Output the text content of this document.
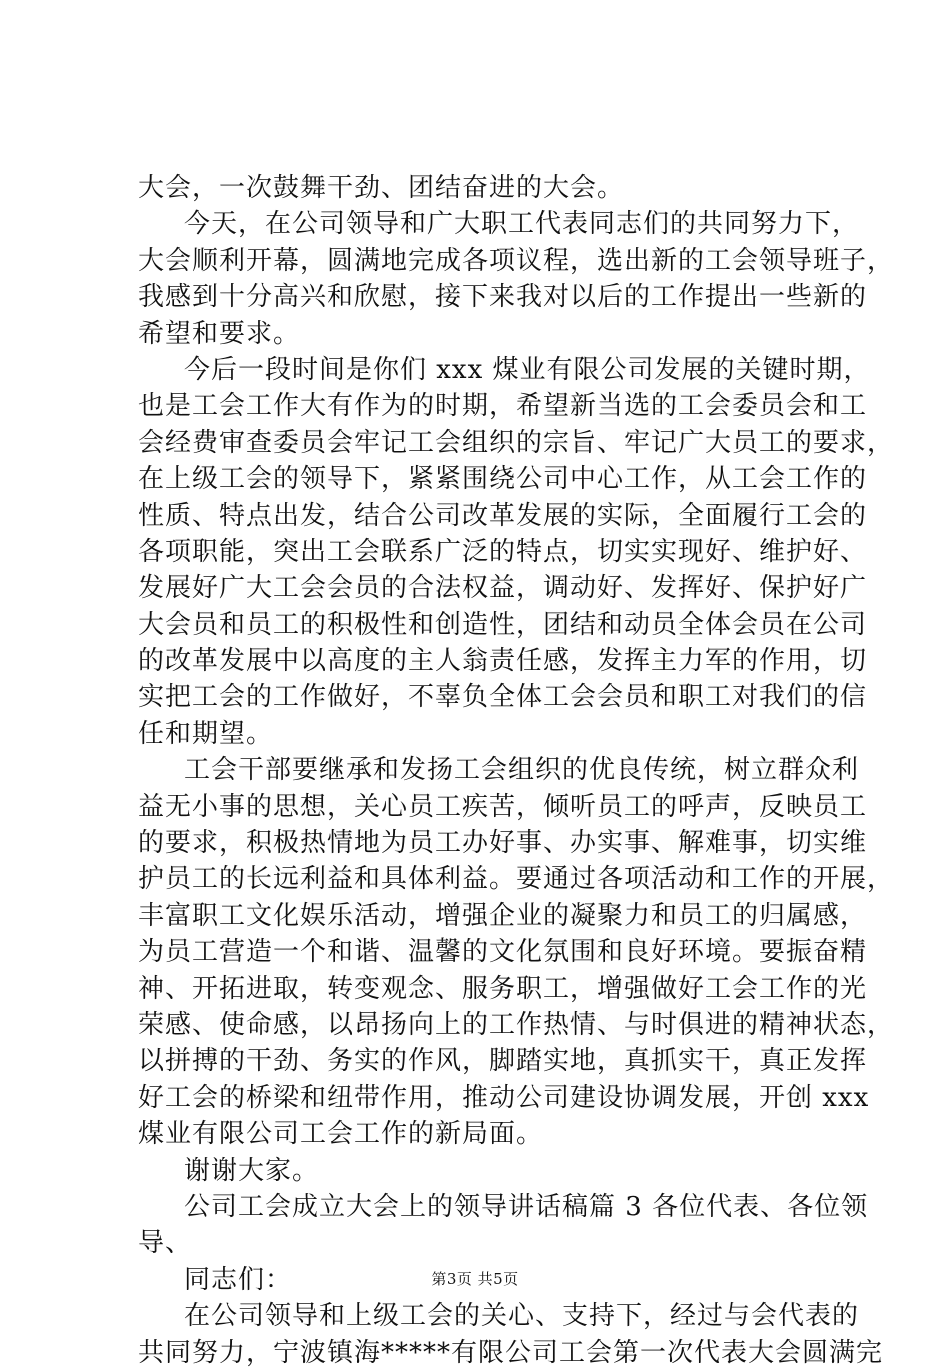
大会，一次鼓舞干劲、团结奋进的大会。
今天，在公司领导和广大职工代表同志们的共同努力下，
大会顺利开幕，圆满地完成各项议程，选出新的工会领导班子，
我感到十分高兴和欣慰，接下来我对以后的工作提出一些新的
希望和要求。
今后一段时间是你们 xxx 煤业有限公司发展的关键时期，
也是工会工作大有作为的时期，希望新当选的工会委员会和工
会经费审查委员会牢记工会组织的宗旨、牢记广大员工的要求，
在上级工会的领导下，紧紧围绕公司中心工作，从工会工作的
性质、特点出发，结合公司改革发展的实际，全面履行工会的
各项职能，突出工会联系广泛的特点，切实实现好、维护好、
发展好广大工会会员的合法权益，调动好、发挥好、保护好广
大会员和员工的积极性和创造性，团结和动员全体会员在公司
的改革发展中以高度的主人翁责任感，发挥主力军的作用，切
实把工会的工作做好，不辜负全体工会会员和职工对我们的信
任和期望。
工会干部要继承和发扬工会组织的优良传统，树立群众利
益无小事的思想，关心员工疾苦，倾听员工的呼声，反映员工
的要求，积极热情地为员工办好事、办实事、解难事，切实维
护员工的长远利益和具体利益。要通过各项活动和工作的开展，
丰富职工文化娱乐活动，增强企业的凝聚力和员工的归属感，
为员工营造一个和谐、温馨的文化氛围和良好环境。要振奋精
神、开拓进取，转变观念、服务职工，增强做好工会工作的光
荣感、使命感，以昂扬向上的工作热情、与时俱进的精神状态，
以拼搏的干劲、务实的作风，脚踏实地，真抓实干，真正发挥
好工会的桥梁和纽带作用，推动公司建设协调发展，开创 xxx
煤业有限公司工会工作的新局面。
谢谢大家。
公司工会成立大会上的领导讲话稿篇 3 各位代表、各位领
导、
同志们：
在公司领导和上级工会的关心、支持下，经过与会代表的
共同努力，宁波镇海*****有限公司工会第一次代表大会圆满完
第3页 共5页
